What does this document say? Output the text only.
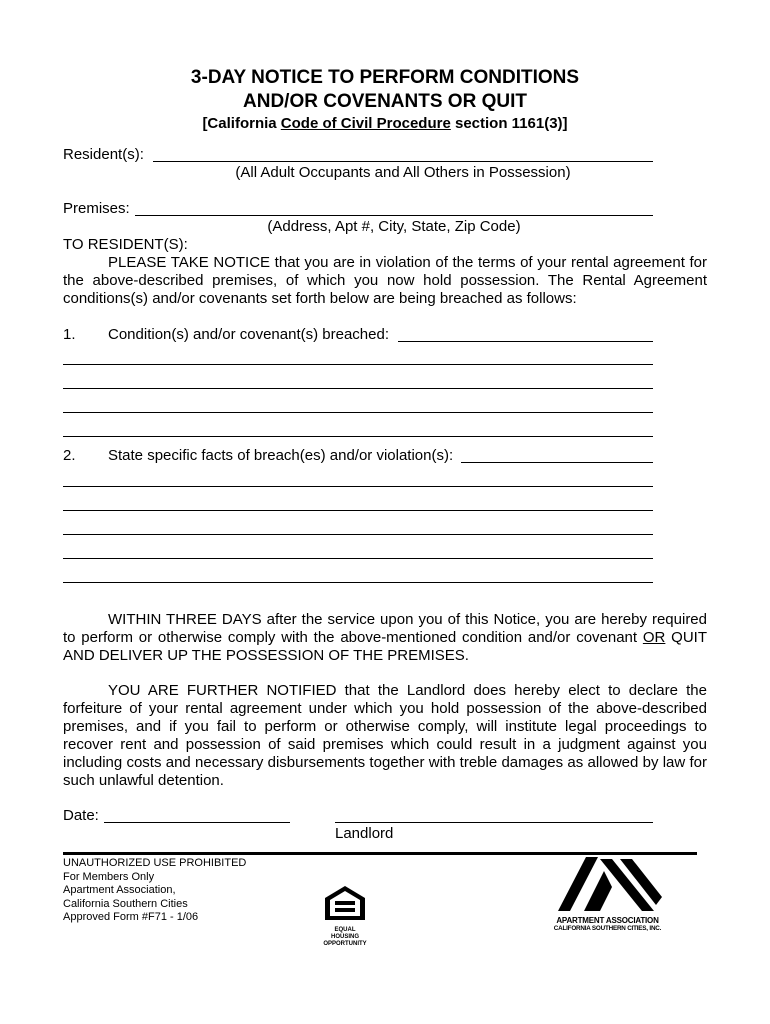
3-DAY NOTICE TO PERFORM CONDITIONS
AND/OR COVENANTS OR QUIT
[California Code of Civil Procedure section 1161(3)]
Resident(s):
(All Adult Occupants and All Others in Possession)
Premises:
(Address, Apt #, City, State, Zip Code)
TO RESIDENT(S):
PLEASE TAKE NOTICE that you are in violation of the terms of your rental agreement for the above-described premises, of which you now hold possession. The Rental Agreement conditions(s) and/or covenants set forth below are being breached as follows:
1. Condition(s) and/or covenant(s) breached:
2. State specific facts of breach(es) and/or violation(s):
WITHIN THREE DAYS after the service upon you of this Notice, you are hereby required to perform or otherwise comply with the above-mentioned condition and/or covenant OR QUIT AND DELIVER UP THE POSSESSION OF THE PREMISES.
YOU ARE FURTHER NOTIFIED that the Landlord does hereby elect to declare the forfeiture of your rental agreement under which you hold possession of the above-described premises, and if you fail to perform or otherwise comply, will institute legal proceedings to recover rent and possession of said premises which could result in a judgment against you including costs and necessary disbursements together with treble damages as allowed by law for such unlawful detention.
Date:
Landlord
UNAUTHORIZED USE PROHIBITED
For Members Only
Apartment Association,
California Southern Cities
Approved Form #F71 - 1/06
EQUAL HOUSING
OPPORTUNITY
APARTMENT ASSOCIATION
CALIFORNIA SOUTHERN CITIES, INC.
